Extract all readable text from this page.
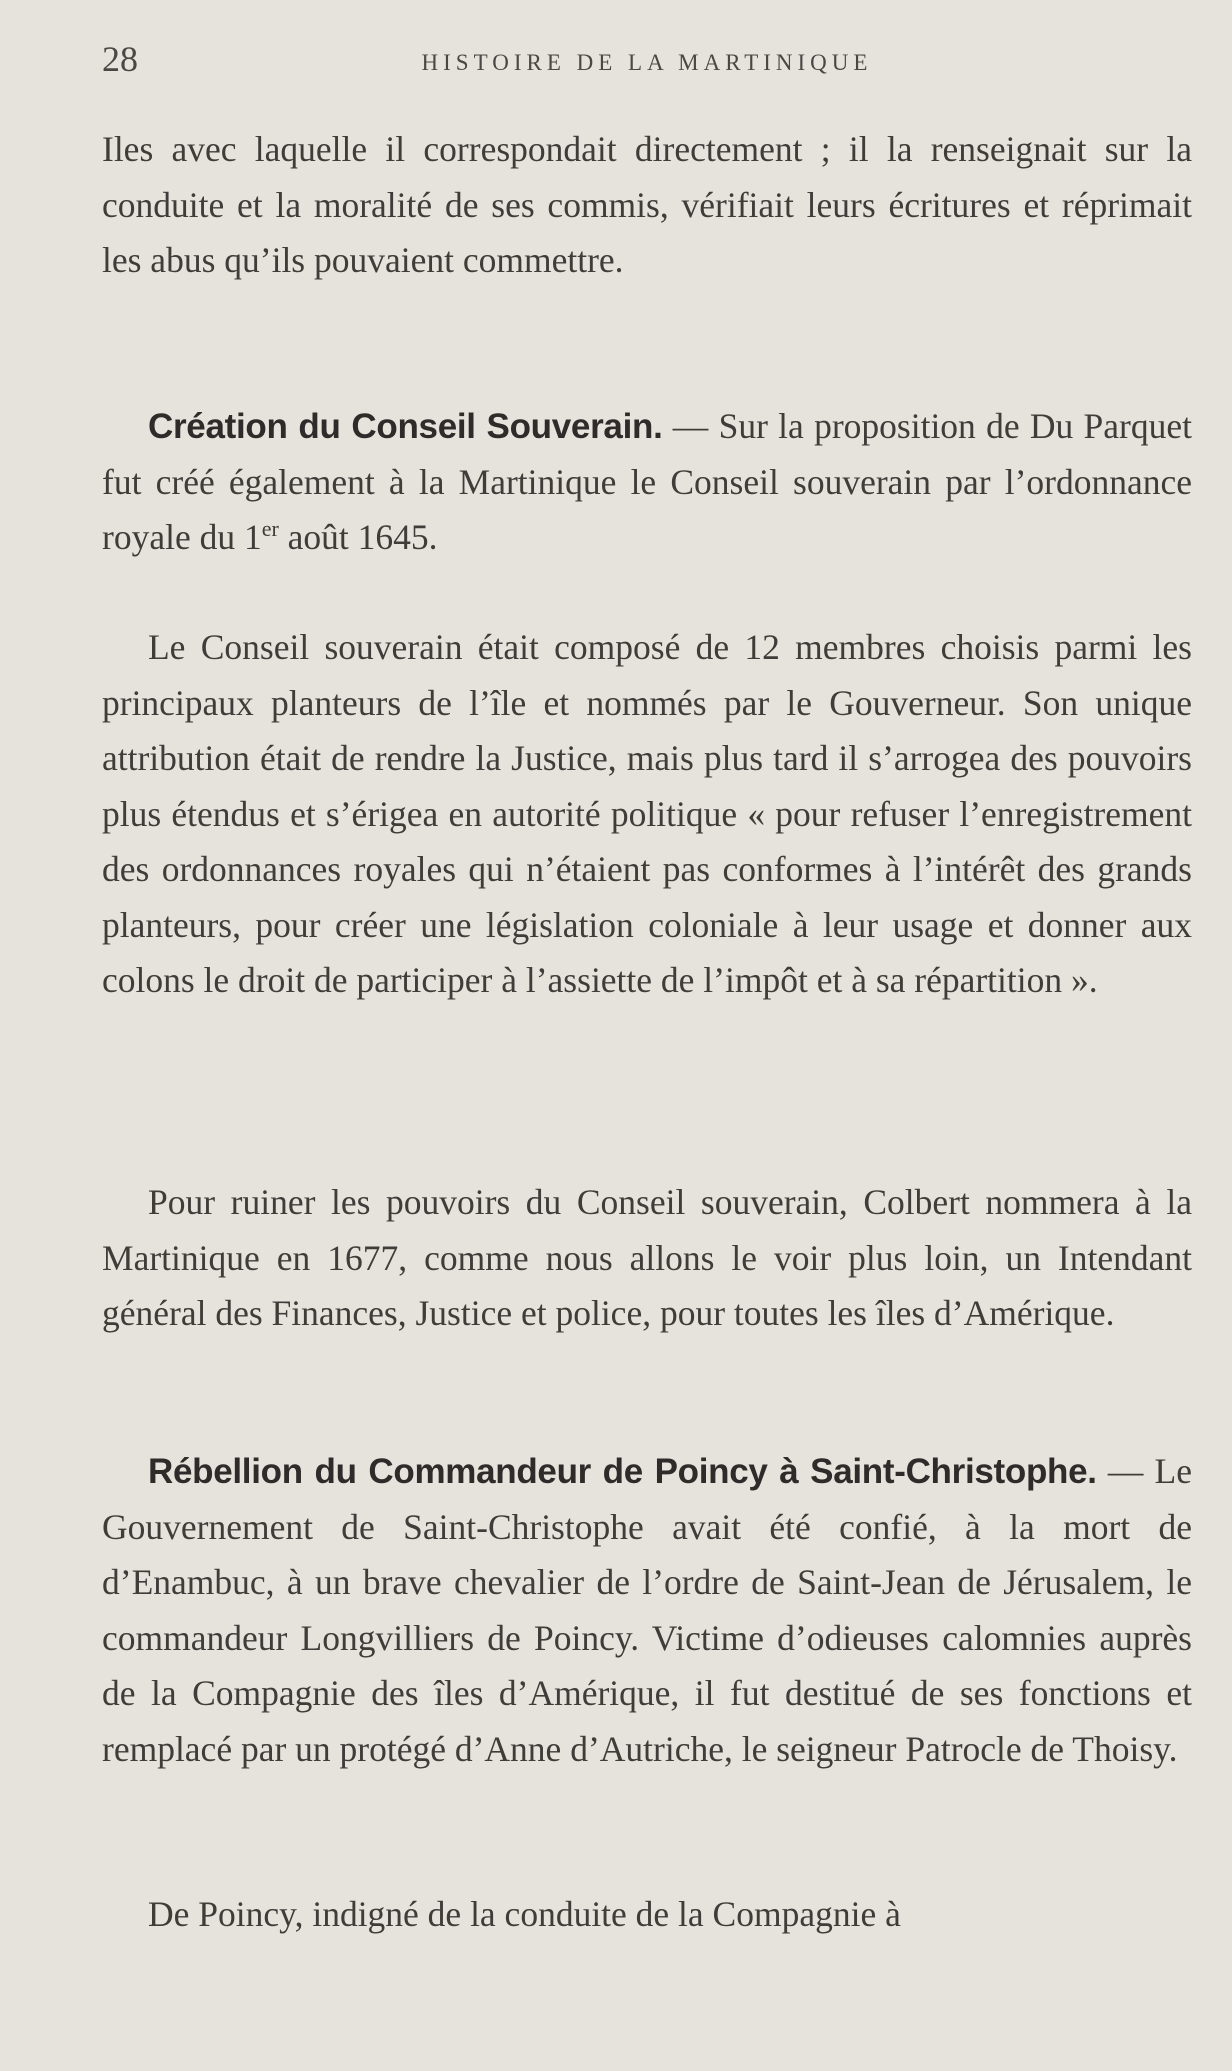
28	HISTOIRE DE LA MARTINIQUE

Iles avec laquelle il correspondait directement ; il la renseignait sur la conduite et la moralité de ses commis, vérifiait leurs écritures et réprimait les abus qu’ils pouvaient commettre.

Création du Conseil Souverain. — Sur la proposition de Du Parquet fut créé également à la Martinique le Conseil souverain par l’ordonnance royale du 1er août 1645.

Le Conseil souverain était composé de 12 membres choisis parmi les principaux planteurs de l’île et nommés par le Gouverneur. Son unique attribution était de rendre la Justice, mais plus tard il s’arrogea des pouvoirs plus étendus et s’érigea en autorité politique « pour refuser l’enregistrement des ordonnances royales qui n’étaient pas conformes à l’intérêt des grands planteurs, pour créer une législation coloniale à leur usage et donner aux colons le droit de participer à l’assiette de l’impôt et à sa répartition ».

Pour ruiner les pouvoirs du Conseil souverain, Colbert nommera à la Martinique en 1677, comme nous allons le voir plus loin, un Intendant général des Finances, Justice et police, pour toutes les îles d’Amérique.

Rébellion du Commandeur de Poincy à Saint-Christophe. — Le Gouvernement de Saint-Christophe avait été confié, à la mort de d’Enambuc, à un brave chevalier de l’ordre de Saint-Jean de Jérusalem, le commandeur Longvilliers de Poincy. Victime d’odieuses calomnies auprès de la Compagnie des îles d’Amérique, il fut destitué de ses fonctions et remplacé par un protégé d’Anne d’Autriche, le seigneur Patrocle de Thoisy.

De Poincy, indigné de la conduite de la Compagnie à
